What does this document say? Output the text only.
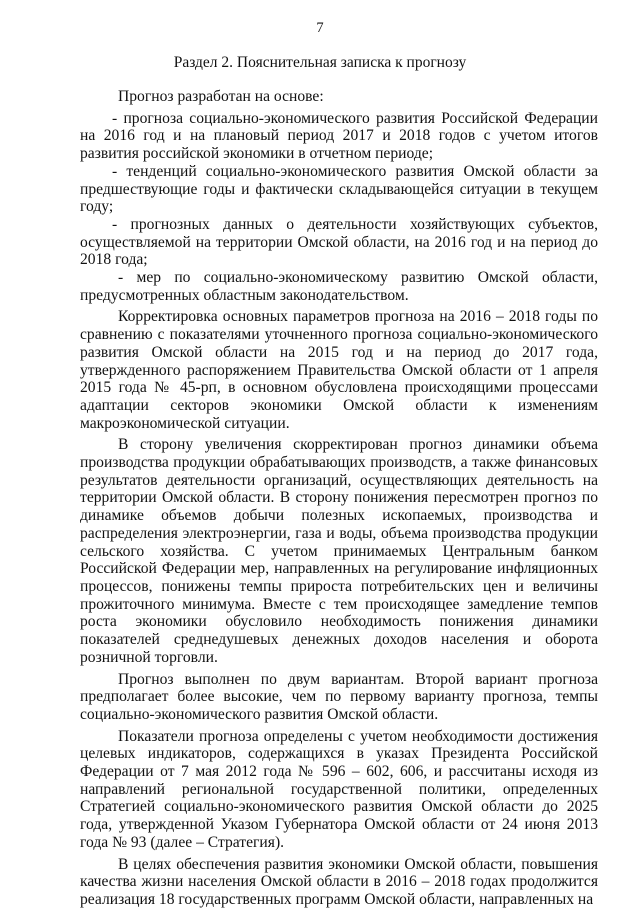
7
Раздел 2. Пояснительная записка к прогнозу

Прогноз разработан на основе:

- прогноза социально-экономического развития Российской Федерации на 2016 год и на плановый период 2017 и 2018 годов с учетом итогов развития российской экономики в отчетном периоде;

- тенденций социально-экономического развития Омской области за предшествующие годы и фактически складывающейся ситуации в текущем году;

- прогнозных данных о деятельности хозяйствующих субъектов, осуществляемой на территории Омской области, на 2016 год и на период до 2018 года;

- мер по социально-экономическому развитию Омской области, предусмотренных областным законодательством.

Корректировка основных параметров прогноза на 2016 – 2018 годы по сравнению с показателями уточненного прогноза социально-экономического развития Омской области на 2015 год и на период до 2017 года, утвержденного распоряжением Правительства Омской области от 1 апреля 2015 года № 45-рп, в основном обусловлена происходящими процессами адаптации секторов экономики Омской области к изменениям макроэкономической ситуации.

В сторону увеличения скорректирован прогноз динамики объема производства продукции обрабатывающих производств, а также финансовых результатов деятельности организаций, осуществляющих деятельность на территории Омской области. В сторону понижения пересмотрен прогноз по динамике объемов добычи полезных ископаемых, производства и распределения электроэнергии, газа и воды, объема производства продукции сельского хозяйства. С учетом принимаемых Центральным банком Российской Федерации мер, направленных на регулирование инфляционных процессов, понижены темпы прироста потребительских цен и величины прожиточного минимума. Вместе с тем происходящее замедление темпов роста экономики обусловило необходимость понижения динамики показателей среднедушевых денежных доходов населения и оборота розничной торговли.

Прогноз выполнен по двум вариантам. Второй вариант прогноза предполагает более высокие, чем по первому варианту прогноза, темпы социально-экономического развития Омской области.

Показатели прогноза определены с учетом необходимости достижения целевых индикаторов, содержащихся в указах Президента Российской Федерации от 7 мая 2012 года № 596 – 602, 606, и рассчитаны исходя из направлений региональной государственной политики, определенных Стратегией социально-экономического развития Омской области до 2025 года, утвержденной Указом Губернатора Омской области от 24 июня 2013 года № 93 (далее – Стратегия).

В целях обеспечения развития экономики Омской области, повышения качества жизни населения Омской области в 2016 – 2018 годах продолжится реализация 18 государственных программ Омской области, направленных на
